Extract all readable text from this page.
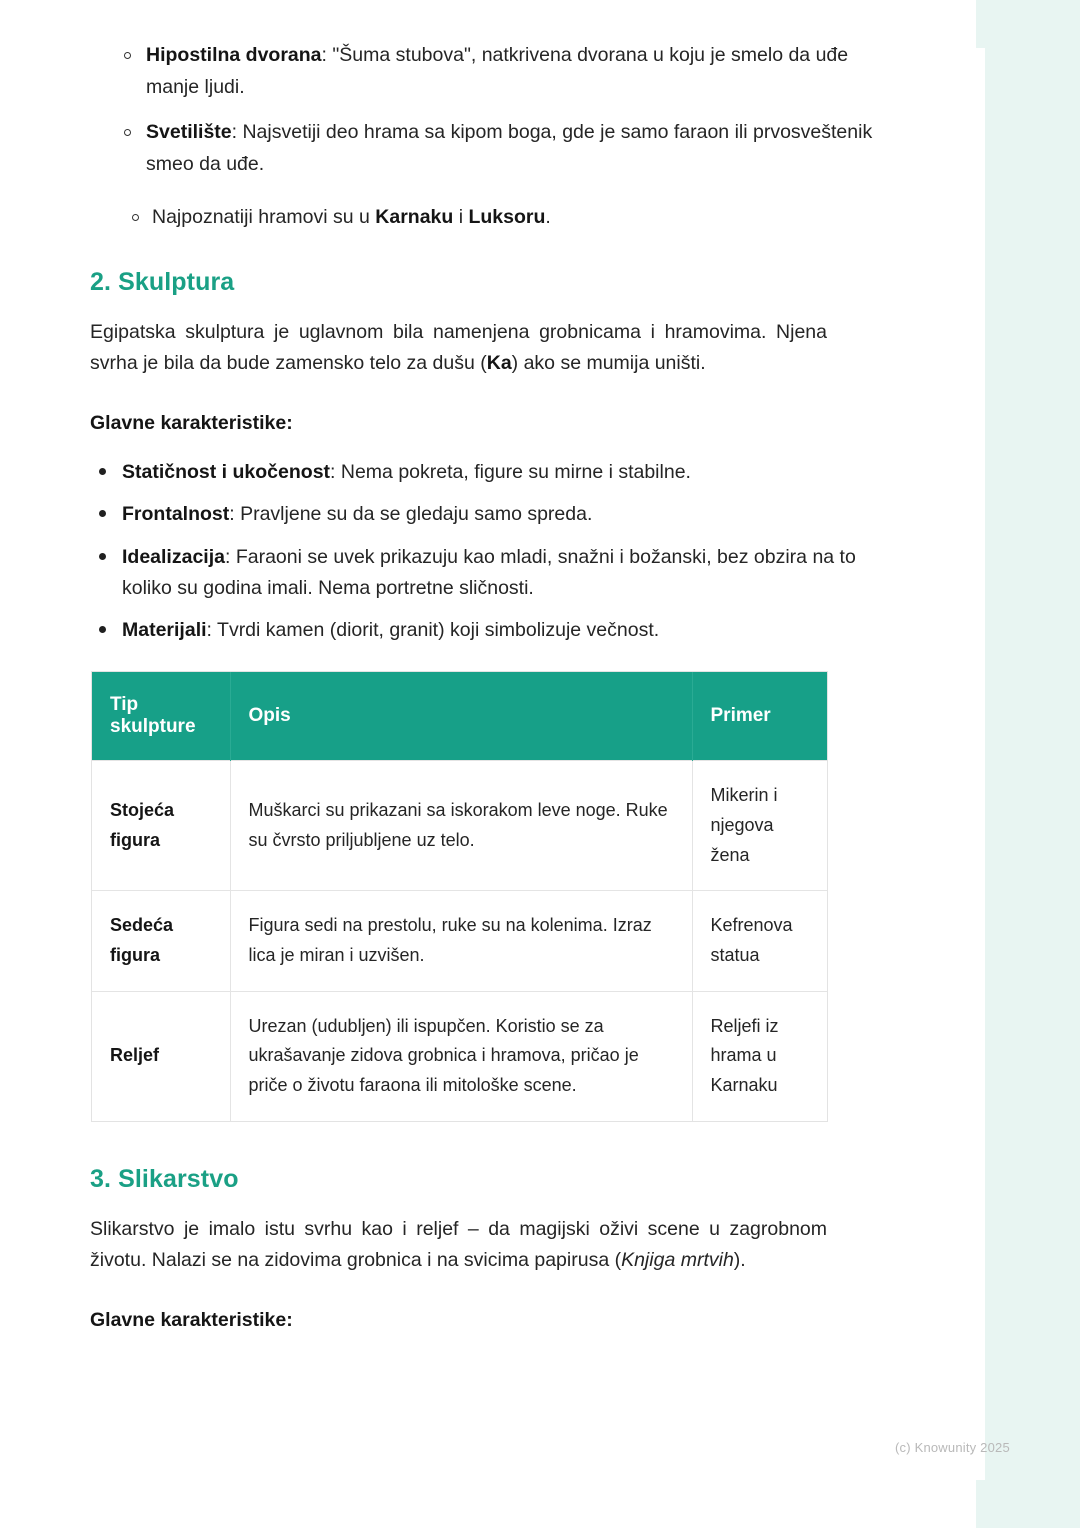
Hipostilna dvorana: "Šuma stubova", natkrivena dvorana u koju je smelo da uđe manje ljudi.
Svetilište: Najsvetiji deo hrama sa kipom boga, gde je samo faraon ili prvosveštenik smeo da uđe.
Najpoznatiji hramovi su u Karnaku i Luksoru.
2. Skulptura

Egipatska skulptura je uglavnom bila namenjena grobnicama i hramovima. Njena svrha je bila da bude zamensko telo za dušu (Ka) ako se mumija uništi.

Glavne karakteristike:

Statičnost i ukočenost: Nema pokreta, figure su mirne i stabilne.
Frontalnost: Pravljene su da se gledaju samo spreda.
Idealizacija: Faraoni se uvek prikazuju kao mladi, snažni i božanski, bez obzira na to koliko su godina imali. Nema portretne sličnosti.
Materijali: Tvrdi kamen (diorit, granit) koji simbolizuje večnost.
Tip skulpture	Opis	Primer
Stojeća figura	Muškarci su prikazani sa iskorakom leve noge. Ruke su čvrsto priljubljene uz telo.	Mikerin i njegova žena
Sedeća figura	Figura sedi na prestolu, ruke su na kolenima. Izraz lica je miran i uzvišen.	Kefrenova statua
Reljef	Urezan (udubljen) ili ispupčen. Koristio se za ukrašavanje zidova grobnica i hramova, pričao je priče o životu faraona ili mitološke scene.	Reljefi iz hrama u Karnaku
3. Slikarstvo

Slikarstvo je imalo istu svrhu kao i reljef – da magijski oživi scene u zagrobnom životu. Nalazi se na zidovima grobnica i na svicima papirusa (Knjiga mrtvih).

Glavne karakteristike:

(c) Knowunity 2025
